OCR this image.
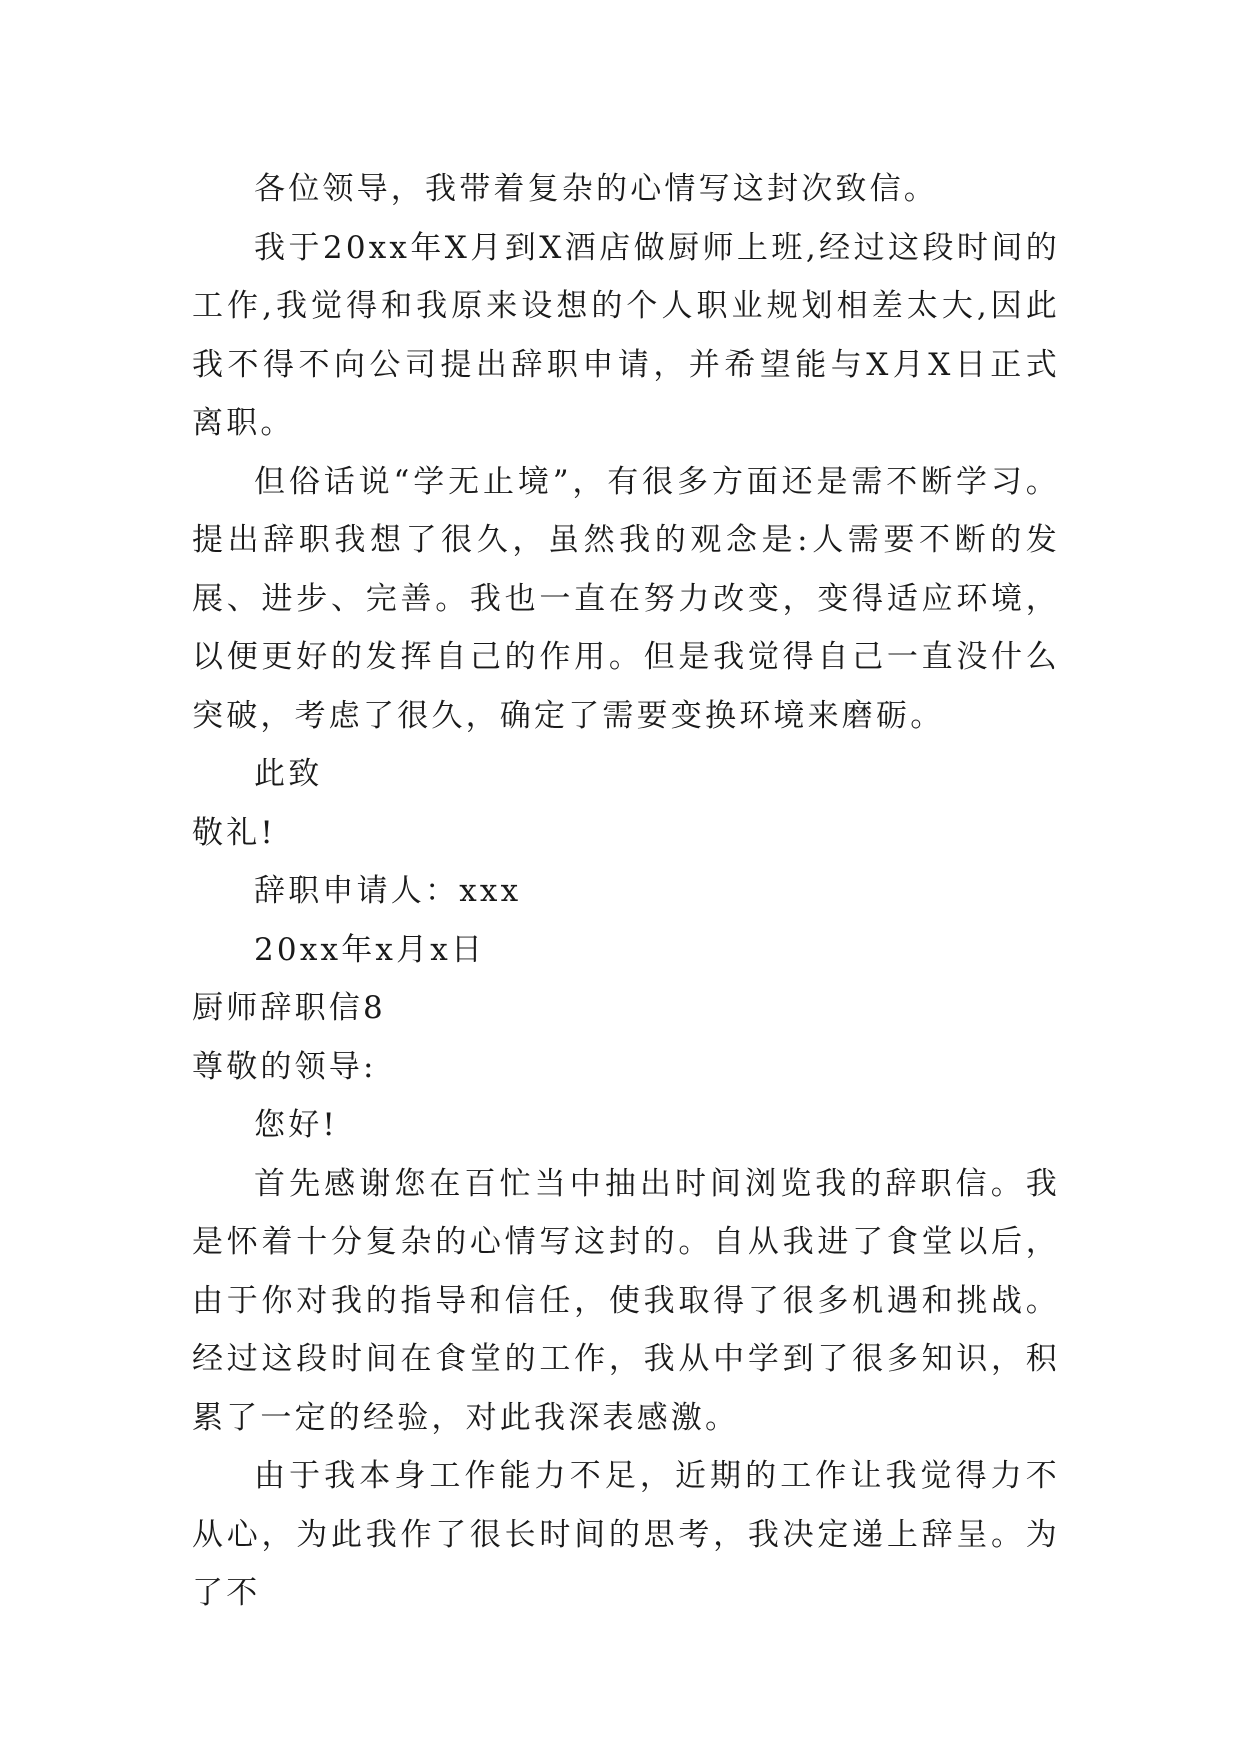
各位领导，我带着复杂的心情写这封次致信。

我于20xx年X月到X酒店做厨师上班,经过这段时间的工作,我觉得和我原来设想的个人职业规划相差太大,因此我不得不向公司提出辞职申请，并希望能与X月X日正式离职。

但俗话说“学无止境”，有很多方面还是需不断学习。提出辞职我想了很久，虽然我的观念是:人需要不断的发展、进步、完善。我也一直在努力改变，变得适应环境，以便更好的发挥自己的作用。但是我觉得自己一直没什么突破，考虑了很久，确定了需要变换环境来磨砺。

此致

敬礼!

辞职申请人：xxx

20xx年x月x日

厨师辞职信8

尊敬的领导:

您好!

首先感谢您在百忙当中抽出时间浏览我的辞职信。我是怀着十分复杂的心情写这封的。自从我进了食堂以后，由于你对我的指导和信任，使我取得了很多机遇和挑战。经过这段时间在食堂的工作，我从中学到了很多知识，积累了一定的经验，对此我深表感激。

由于我本身工作能力不足，近期的工作让我觉得力不从心，为此我作了很长时间的思考，我决定递上辞呈。为了不
